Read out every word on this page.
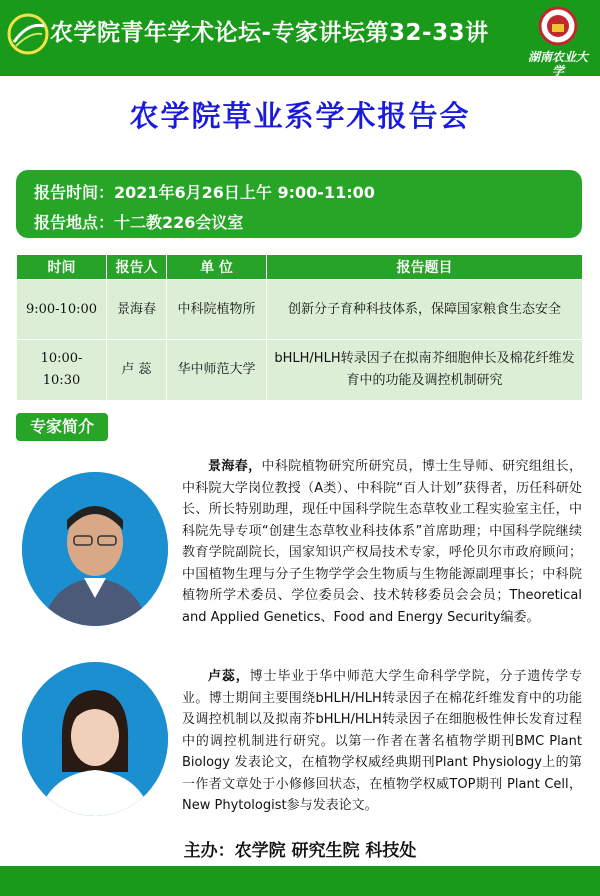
农学院青年学术论坛-专家讲坛第32-33讲
湖南农业大学
HUNAN AGRICULTURAL UNIVERSITY
农学院草业系学术报告会
报告时间：2021年6月26日上午 9:00-11:00
报告地点：十二教226会议室
时间	报告人	单 位	报告题目
9:00-10:00	景海春	中科院植物所	创新分子育种科技体系，保障国家粮食生态安全
10:00-10:30	卢 蕊	华中师范大学	bHLH/HLH转录因子在拟南芥细胞伸长及棉花纤维发育中的功能及调控机制研究
专家简介
景海春，中科院植物研究所研究员，博士生导师、研究组组长，中科院大学岗位教授（A类）、中科院“百人计划”获得者，历任科研处长、所长特别助理，现任中国科学院生态草牧业工程实验室主任，中科院先导专项“创建生态草牧业科技体系”首席助理；中国科学院继续教育学院副院长，国家知识产权局技术专家，呼伦贝尔市政府顾问；中国植物生理与分子生物学学会生物质与生物能源副理事长；中科院植物所学术委员、学位委员会、技术转移委员会会员；Theoretical and Applied Genetics、Food and Energy Security编委。
卢蕊，博士毕业于华中师范大学生命科学学院，分子遗传学专业。博士期间主要围绕bHLH/HLH转录因子在棉花纤维发育中的功能及调控机制以及拟南芥bHLH/HLH转录因子在细胞极性伸长发育过程中的调控机制进行研究。以第一作者在著名植物学期刊BMC Plant Biology 发表论文，在植物学权威经典期刊Plant Physiology上的第一作者文章处于小修修回状态，在植物学权威TOP期刊 Plant Cell，New Phytologist参与发表论文。
主办：农学院 研究生院 科技处
